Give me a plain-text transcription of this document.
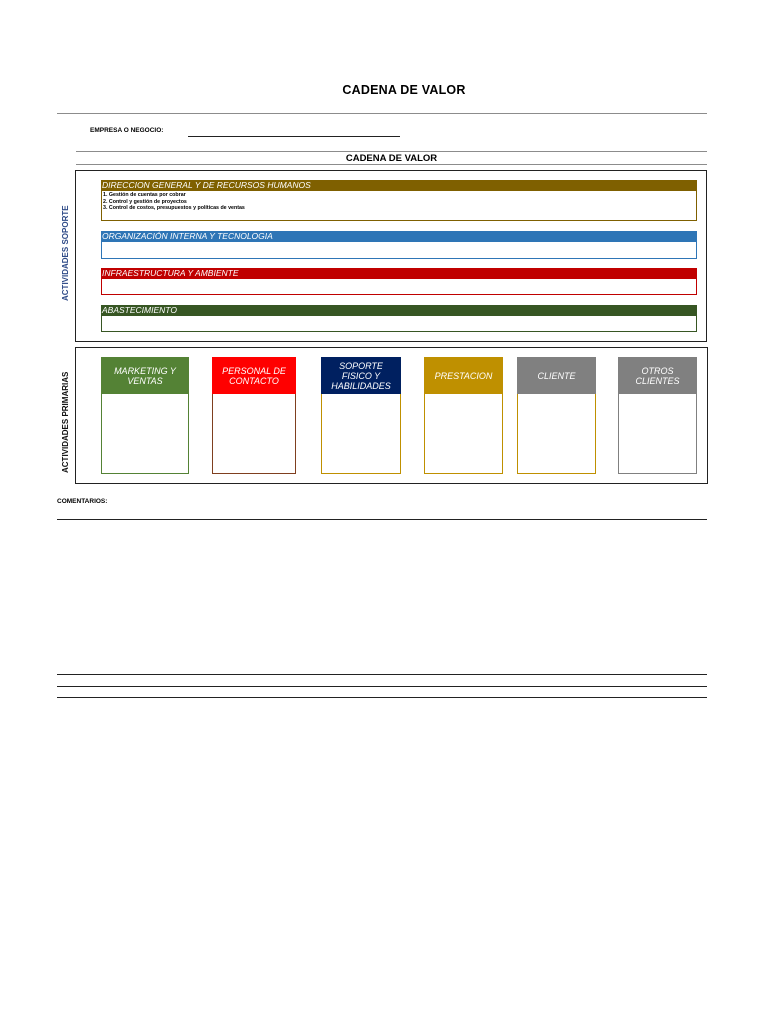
CADENA DE VALOR
EMPRESA O NEGOCIO:
CADENA DE VALOR
ACTIVIDADES SOPORTE
DIRECCION GENERAL Y DE RECURSOS HUMANOS
1. Gestión de cuentas por cobrar
2. Control y gestión de proyectos
3. Control de costos, presupuestos y políticas de ventas
ORGANIZACIÓN INTERNA Y TECNOLOGIA
INFRAESTRUCTURA Y AMBIENTE
ABASTECIMIENTO
ACTIVIDADES PRIMARIAS
MARKETING Y
VENTAS
PERSONAL DE
CONTACTO
SOPORTE
FISICO Y
HABILIDADES
PRESTACION	CLIENTE	OTROS
CLIENTES
COMENTARIOS:
